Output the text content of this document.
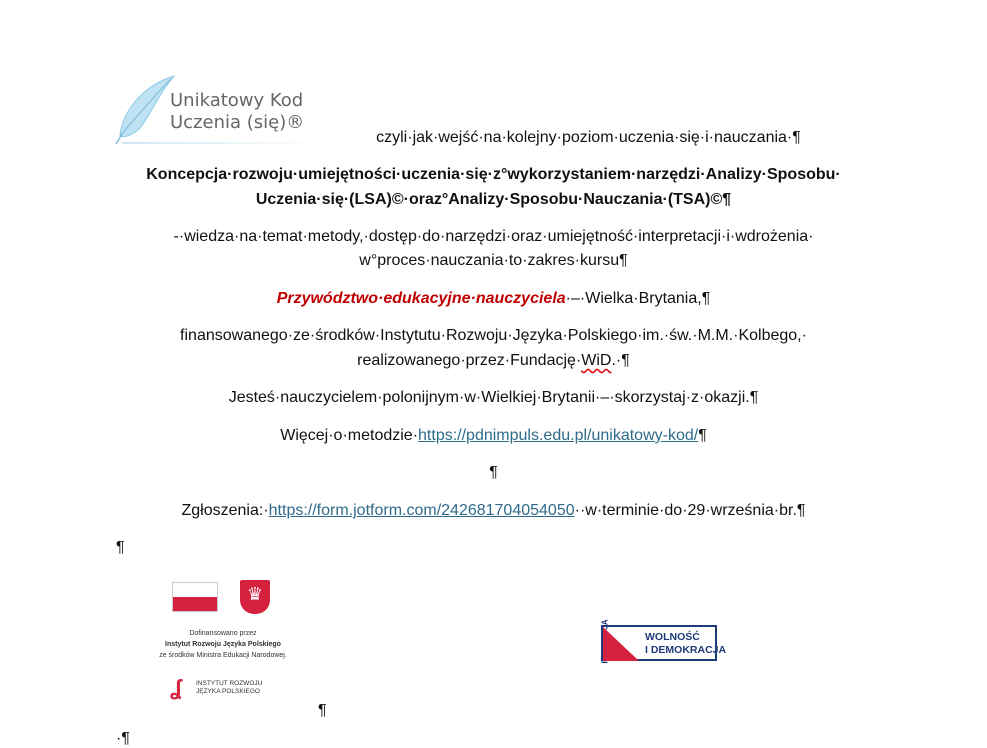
Unikatowy Kod
Uczenia (się)®
czyli·jak·wejść·na·kolejny·poziom·uczenia·się·i·nauczania·¶
Koncepcja·rozwoju·umiejętności·uczenia·się·z°wykorzystaniem·narzędzi·Analizy·Sposobu·
Uczenia·się·(LSA)©·oraz°Analizy·Sposobu·Nauczania·(TSA)©¶
-·wiedza·na·temat·metody,·dostęp·do·narzędzi·oraz·umiejętność·interpretacji·i·wdrożenia·
w°proces·nauczania·to·zakres·kursu¶
Przywództwo·edukacyjne·nauczyciela·–·Wielka·Brytania,¶
finansowanego·ze·środków·Instytutu·Rozwoju·Języka·Polskiego·im.·św.·M.M.·Kolbego,·
realizowanego·przez·Fundację·WiD.·¶
Jesteś·nauczycielem·polonijnym·w·Wielkiej·Brytanii·–·skorzystaj·z·okazji.¶
Więcej·o·metodzie·https://pdnimpuls.edu.pl/unikatowy-kod/¶
¶
Zgłoszenia:·https://form.jotform.com/242681704054050··w·terminie·do·29·września·br.¶
¶
♛
Dofinansowano przez
Instytut Rozwoju Języka Polskiego
ze środków Ministra Edukacji Narodowej.
ʆ	INSTYTUT ROZWOJU
JĘZYKA POLSKIEGO
¶
FUNDACJA	WOLNOŚĆ
I DEMOKRACJA
·¶
